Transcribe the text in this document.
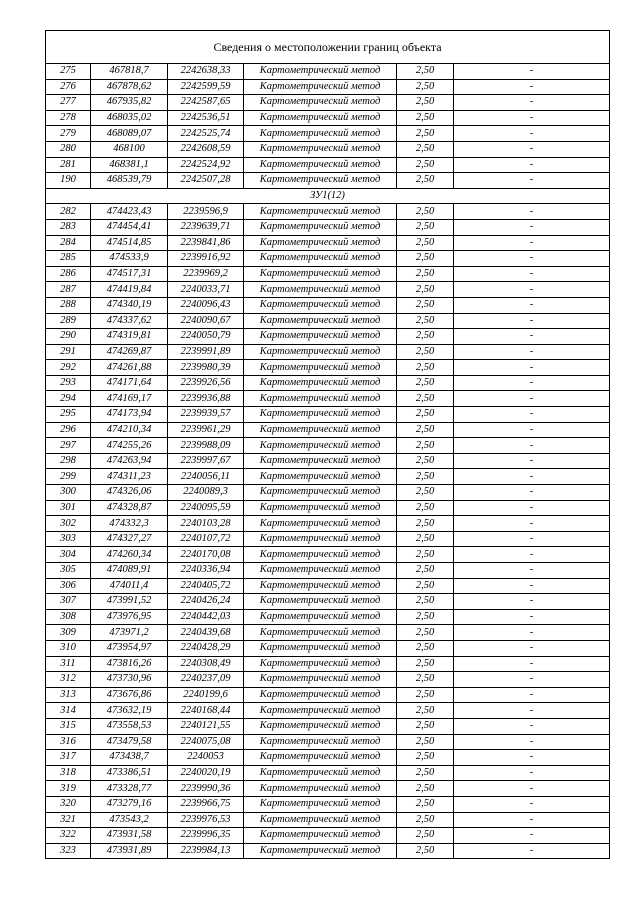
Сведения о местоположении границ объекта					
275	467818,7	2242638,33	Картометрический метод	2,50	-
276	467878,62	2242599,59	Картометрический метод	2,50	-
277	467935,82	2242587,65	Картометрический метод	2,50	-
278	468035,02	2242536,51	Картометрический метод	2,50	-
279	468089,07	2242525,74	Картометрический метод	2,50	-
280	468100	2242608,59	Картометрический метод	2,50	-
281	468381,1	2242524,92	Картометрический метод	2,50	-
190	468539,79	2242507,28	Картометрический метод	2,50	-
ЗУ1(12)					
282	474423,43	2239596,9	Картометрический метод	2,50	-
283	474454,41	2239639,71	Картометрический метод	2,50	-
284	474514,85	2239841,86	Картометрический метод	2,50	-
285	474533,9	2239916,92	Картометрический метод	2,50	-
286	474517,31	2239969,2	Картометрический метод	2,50	-
287	474419,84	2240033,71	Картометрический метод	2,50	-
288	474340,19	2240096,43	Картометрический метод	2,50	-
289	474337,62	2240090,67	Картометрический метод	2,50	-
290	474319,81	2240050,79	Картометрический метод	2,50	-
291	474269,87	2239991,89	Картометрический метод	2,50	-
292	474261,88	2239980,39	Картометрический метод	2,50	-
293	474171,64	2239926,56	Картометрический метод	2,50	-
294	474169,17	2239936,88	Картометрический метод	2,50	-
295	474173,94	2239939,57	Картометрический метод	2,50	-
296	474210,34	2239961,29	Картометрический метод	2,50	-
297	474255,26	2239988,09	Картометрический метод	2,50	-
298	474263,94	2239997,67	Картометрический метод	2,50	-
299	474311,23	2240056,11	Картометрический метод	2,50	-
300	474326,06	2240089,3	Картометрический метод	2,50	-
301	474328,87	2240095,59	Картометрический метод	2,50	-
302	474332,3	2240103,28	Картометрический метод	2,50	-
303	474327,27	2240107,72	Картометрический метод	2,50	-
304	474260,34	2240170,08	Картометрический метод	2,50	-
305	474089,91	2240336,94	Картометрический метод	2,50	-
306	474011,4	2240405,72	Картометрический метод	2,50	-
307	473991,52	2240426,24	Картометрический метод	2,50	-
308	473976,95	2240442,03	Картометрический метод	2,50	-
309	473971,2	2240439,68	Картометрический метод	2,50	-
310	473954,97	2240428,29	Картометрический метод	2,50	-
311	473816,26	2240308,49	Картометрический метод	2,50	-
312	473730,96	2240237,09	Картометрический метод	2,50	-
313	473676,86	2240199,6	Картометрический метод	2,50	-
314	473632,19	2240168,44	Картометрический метод	2,50	-
315	473558,53	2240121,55	Картометрический метод	2,50	-
316	473479,58	2240075,08	Картометрический метод	2,50	-
317	473438,7	2240053	Картометрический метод	2,50	-
318	473386,51	2240020,19	Картометрический метод	2,50	-
319	473328,77	2239990,36	Картометрический метод	2,50	-
320	473279,16	2239966,75	Картометрический метод	2,50	-
321	473543,2	2239976,53	Картометрический метод	2,50	-
322	473931,58	2239996,35	Картометрический метод	2,50	-
323	473931,89	2239984,13	Картометрический метод	2,50	-
